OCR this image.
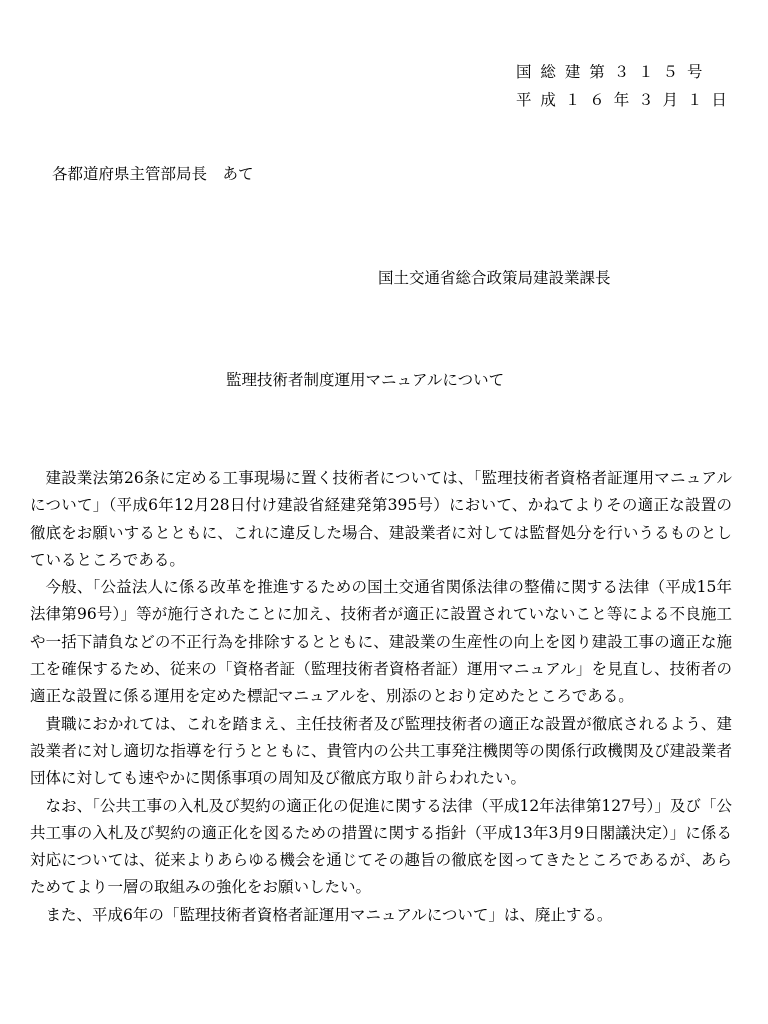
国 総 建 第 ３ １ ５ 号
平 成 １ ６ 年 ３ 月 １ 日
各都道府県主管部局長　あて
国土交通省総合政策局建設業課長
監理技術者制度運用マニュアルについて

建設業法第26条に定める工事現場に置く技術者については、「監理技術者資格者証運用マニュアルについて」（平成6年12月28日付け建設省経建発第395号）において、かねてよりその適正な設置の徹底をお願いするとともに、これに違反した場合、建設業者に対しては監督処分を行いうるものとしているところである。

今般、「公益法人に係る改革を推進するための国土交通省関係法律の整備に関する法律（平成15年法律第96号）」等が施行されたことに加え、技術者が適正に設置されていないこと等による不良施工や一括下請負などの不正行為を排除するとともに、建設業の生産性の向上を図り建設工事の適正な施工を確保するため、従来の「資格者証（監理技術者資格者証）運用マニュアル」を見直し、技術者の適正な設置に係る運用を定めた標記マニュアルを、別添のとおり定めたところである。

貴職におかれては、これを踏まえ、主任技術者及び監理技術者の適正な設置が徹底されるよう、建設業者に対し適切な指導を行うとともに、貴管内の公共工事発注機関等の関係行政機関及び建設業者団体に対しても速やかに関係事項の周知及び徹底方取り計らわれたい。

なお、「公共工事の入札及び契約の適正化の促進に関する法律（平成12年法律第127号）」及び「公共工事の入札及び契約の適正化を図るための措置に関する指針（平成13年3月9日閣議決定）」に係る対応については、従来よりあらゆる機会を通じてその趣旨の徹底を図ってきたところであるが、あらためてより一層の取組みの強化をお願いしたい。

また、平成6年の「監理技術者資格者証運用マニュアルについて」は、廃止する。
